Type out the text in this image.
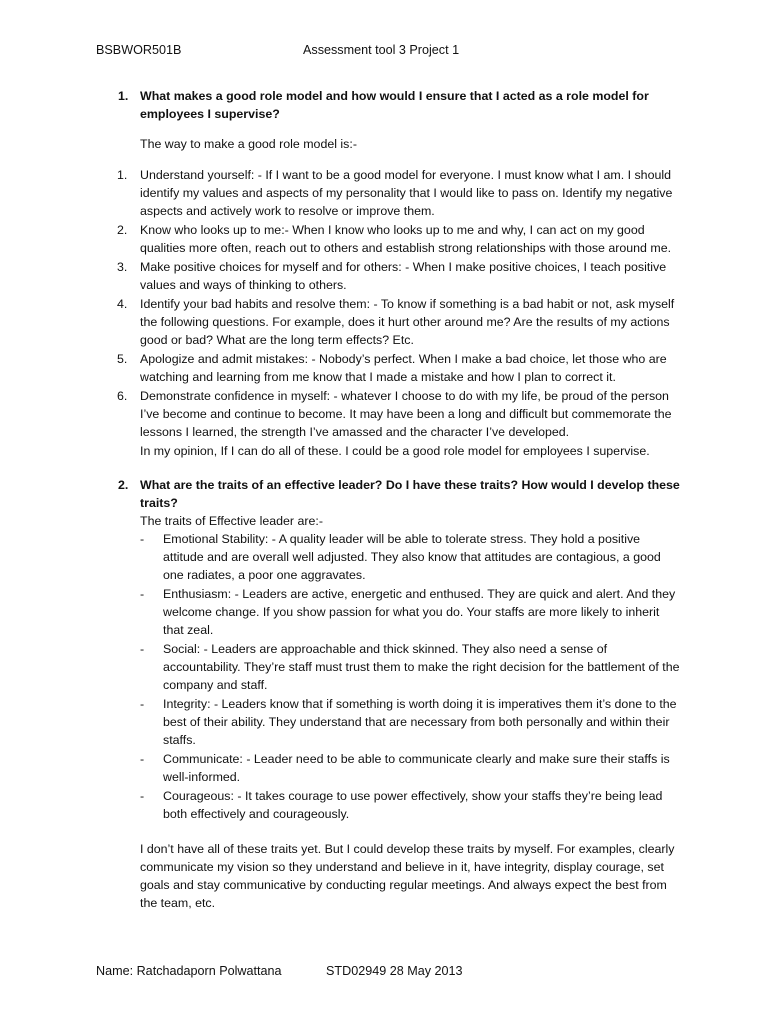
BSBWOR501B	Assessment tool 3 Project 1
1. What makes a good role model and how would I ensure that I acted as a role model for employees I supervise?
The way to make a good role model is:-
1. Understand yourself: - If I want to be a good model for everyone. I must know what I am. I should identify my values and aspects of my personality that I would like to pass on. Identify my negative aspects and actively work to resolve or improve them.
2. Know who looks up to me:- When I know who looks up to me and why, I can act on my good qualities more often, reach out to others and establish strong relationships with those around me.
3. Make positive choices for myself and for others: - When I make positive choices, I teach positive values and ways of thinking to others.
4. Identify your bad habits and resolve them: - To know if something is a bad habit or not, ask myself the following questions. For example, does it hurt other around me? Are the results of my actions good or bad? What are the long term effects? Etc.
5. Apologize and admit mistakes: - Nobody’s perfect. When I make a bad choice, let those who are watching and learning from me know that I made a mistake and how I plan to correct it.
6. Demonstrate confidence in myself: - whatever I choose to do with my life, be proud of the person I’ve become and continue to become. It may have been a long and difficult but commemorate the lessons I learned, the strength I’ve amassed and the character I’ve developed.
In my opinion, If I can do all of these. I could be a good role model for employees I supervise.
2. What are the traits of an effective leader? Do I have these traits? How would I develop these traits?
The traits of Effective leader are:-
- Emotional Stability: - A quality leader will be able to tolerate stress. They hold a positive attitude and are overall well adjusted. They also know that attitudes are contagious, a good one radiates, a poor one aggravates.
- Enthusiasm: - Leaders are active, energetic and enthused. They are quick and alert. And they welcome change. If you show passion for what you do. Your staffs are more likely to inherit that zeal.
- Social: - Leaders are approachable and thick skinned. They also need a sense of accountability. They’re staff must trust them to make the right decision for the battlement of the company and staff.
- Integrity: - Leaders know that if something is worth doing it is imperatives them it’s done to the best of their ability. They understand that are necessary from both personally and within their staffs.
- Communicate: - Leader need to be able to communicate clearly and make sure their staffs is well-informed.
- Courageous: - It takes courage to use power effectively, show your staffs they’re being lead both effectively and courageously.
I don’t have all of these traits yet. But I could develop these traits by myself. For examples, clearly communicate my vision so they understand and believe in it, have integrity, display courage, set goals and stay communicative by conducting regular meetings. And always expect the best from the team, etc.
Name: Ratchadaporn Polwattana	STD02949 28 May 2013
